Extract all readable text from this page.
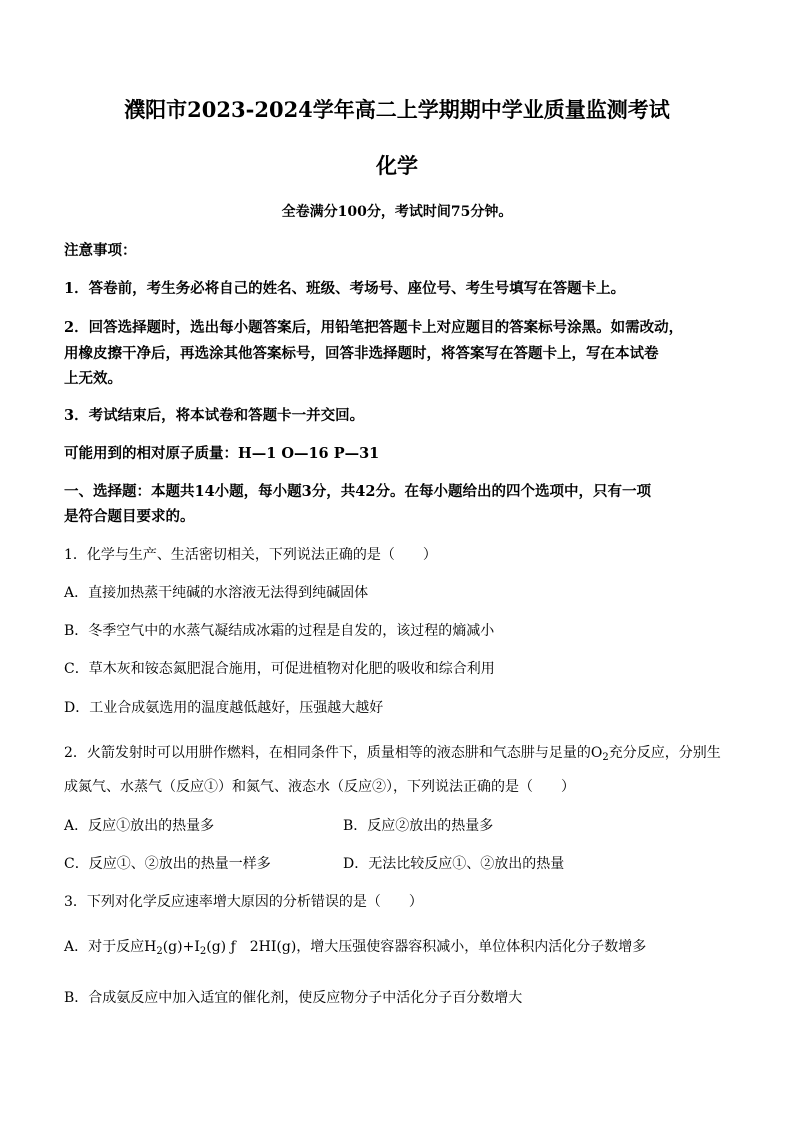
濮阳市2023-2024学年高二上学期期中学业质量监测考试
化学
全卷满分100分，考试时间75分钟。
注意事项：
1．答卷前，考生务必将自己的姓名、班级、考场号、座位号、考生号填写在答题卡上。
2．回答选择题时，选出每小题答案后，用铅笔把答题卡上对应题目的答案标号涂黑。如需改动，
用橡皮擦干净后，再选涂其他答案标号，回答非选择题时，将答案写在答题卡上，写在本试卷
上无效。
3．考试结束后，将本试卷和答题卡一并交回。
可能用到的相对原子质量：H—1 O—16 P—31
一、选择题：本题共14小题，每小题3分，共42分。在每小题给出的四个选项中，只有一项
是符合题目要求的。
1．化学与生产、生活密切相关，下列说法正确的是（　　）
A．直接加热蒸干纯碱的水溶液无法得到纯碱固体
B．冬季空气中的水蒸气凝结成冰霜的过程是自发的，该过程的熵减小
C．草木灰和铵态氮肥混合施用，可促进植物对化肥的吸收和综合利用
D．工业合成氨选用的温度越低越好，压强越大越好
2．火箭发射时可以用肼作燃料，在相同条件下，质量相等的液态肼和气态肼与足量的$O_2$充分反应，分别生
成氮气、水蒸气（反应①）和氮气、液态水（反应②），下列说法正确的是（　　）
A．反应①放出的热量多	B．反应②放出的热量多
C．反应①、②放出的热量一样多	D．无法比较反应①、②放出的热量
3．下列对化学反应速率增大原因的分析错误的是（　　）
A．对于反应$H_2(g)+I_2(g)$ ƒ　2HI(g)，增大压强使容器容积减小，单位体积内活化分子数增多
B．合成氨反应中加入适宜的催化剂，使反应物分子中活化分子百分数增大
